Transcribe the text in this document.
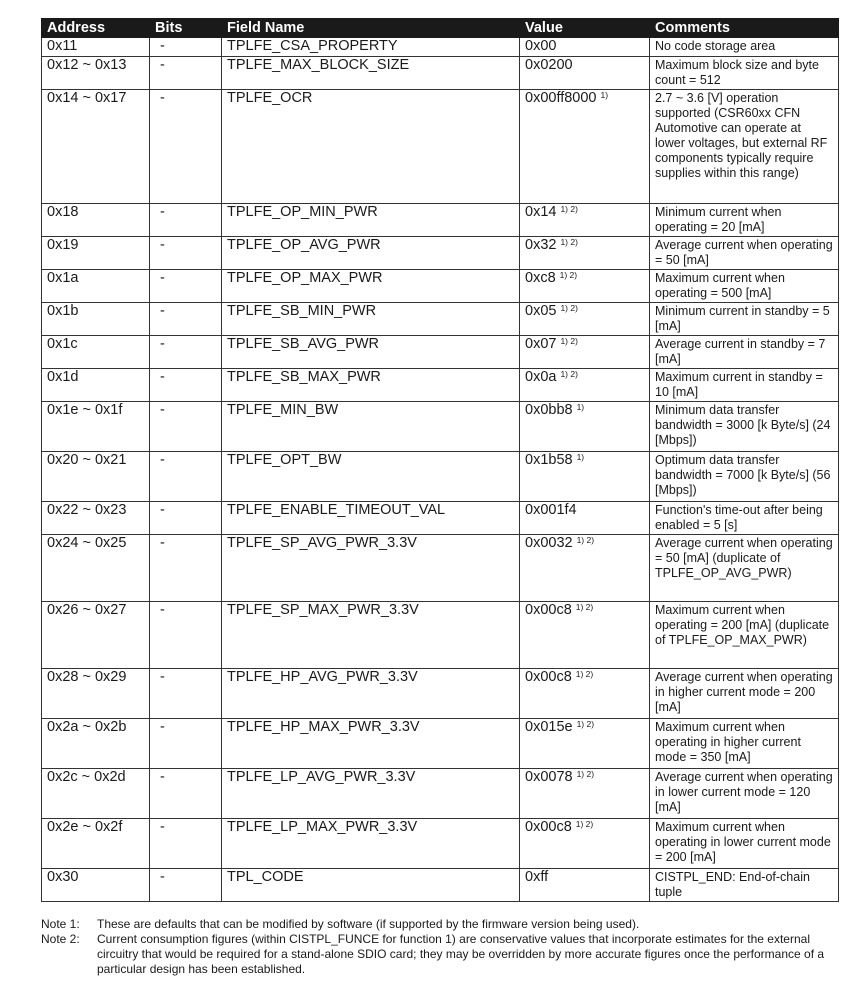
Address	Bits	Field Name	Value	Comments
0x11	-	TPLFE_CSA_PROPERTY	0x00	No code storage area
0x12 ~ 0x13	-	TPLFE_MAX_BLOCK_SIZE	0x0200	Maximum block size and byte count = 512
0x14 ~ 0x17	-	TPLFE_OCR	0x00ff8000 $^{1)}$	2.7 ~ 3.6 [V] operation supported (CSR60xx CFN Automotive can operate at lower voltages, but external RF components typically require supplies within this range)
0x18	-	TPLFE_OP_MIN_PWR	0x14 $^{1) 2)}$	Minimum current when operating = 20 [mA]
0x19	-	TPLFE_OP_AVG_PWR	0x32 $^{1) 2)}$	Average current when operating = 50 [mA]
0x1a	-	TPLFE_OP_MAX_PWR	0xc8 $^{1) 2)}$	Maximum current when operating = 500 [mA]
0x1b	-	TPLFE_SB_MIN_PWR	0x05 $^{1) 2)}$	Minimum current in standby = 5 [mA]
0x1c	-	TPLFE_SB_AVG_PWR	0x07 $^{1) 2)}$	Average current in standby = 7 [mA]
0x1d	-	TPLFE_SB_MAX_PWR	0x0a $^{1) 2)}$	Maximum current in standby = 10 [mA]
0x1e ~ 0x1f	-	TPLFE_MIN_BW	0x0bb8 $^{1)}$	Minimum data transfer bandwidth = 3000 [k Byte/s] (24 [Mbps])
0x20 ~ 0x21	-	TPLFE_OPT_BW	0x1b58 $^{1)}$	Optimum data transfer bandwidth = 7000 [k Byte/s] (56 [Mbps])
0x22 ~ 0x23	-	TPLFE_ENABLE_TIMEOUT_VAL	0x001f4	Function's time-out after being enabled = 5 [s]
0x24 ~ 0x25	-	TPLFE_SP_AVG_PWR_3.3V	0x0032 $^{1) 2)}$	Average current when operating = 50 [mA] (duplicate of TPLFE_OP_AVG_PWR)
0x26 ~ 0x27	-	TPLFE_SP_MAX_PWR_3.3V	0x00c8 $^{1) 2)}$	Maximum current when operating = 200 [mA] (duplicate of TPLFE_OP_MAX_PWR)
0x28 ~ 0x29	-	TPLFE_HP_AVG_PWR_3.3V	0x00c8 $^{1) 2)}$	Average current when operating in higher current mode = 200 [mA]
0x2a ~ 0x2b	-	TPLFE_HP_MAX_PWR_3.3V	0x015e $^{1) 2)}$	Maximum current when operating in higher current mode = 350 [mA]
0x2c ~ 0x2d	-	TPLFE_LP_AVG_PWR_3.3V	0x0078 $^{1) 2)}$	Average current when operating in lower current mode = 120 [mA]
0x2e ~ 0x2f	-	TPLFE_LP_MAX_PWR_3.3V	0x00c8 $^{1) 2)}$	Maximum current when operating in lower current mode = 200 [mA]
0x30	-	TPL_CODE	0xff	CISTPL_END: End-of-chain tuple
Note 1:	These are defaults that can be modified by software (if supported by the firmware version being used).
Note 2:	Current consumption figures (within CISTPL_FUNCE for function 1) are conservative values that incorporate estimates for the external circuitry that would be required for a stand-alone SDIO card; they may be overridden by more accurate figures once the performance of a particular design has been established.
